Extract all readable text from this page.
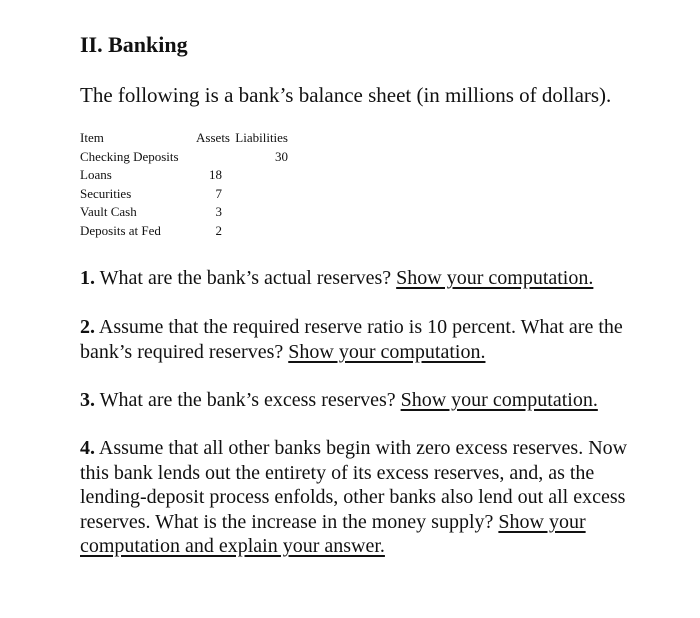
II. Banking
The following is a bank’s balance sheet (in millions of dollars).
Item	Assets	Liabilities
Checking Deposits		30
Loans	18	
Securities	7	
Vault Cash	3	
Deposits at Fed	2	
1. What are the bank’s actual reserves? Show your computation.
2. Assume that the required reserve ratio is 10 percent. What are the bank’s required reserves? Show your computation.
3. What are the bank’s excess reserves? Show your computation.
4. Assume that all other banks begin with zero excess reserves. Now this bank lends out the entirety of its excess reserves, and, as the lending-deposit process enfolds, other banks also lend out all excess reserves. What is the increase in the money supply? Show your computation and explain your answer.
